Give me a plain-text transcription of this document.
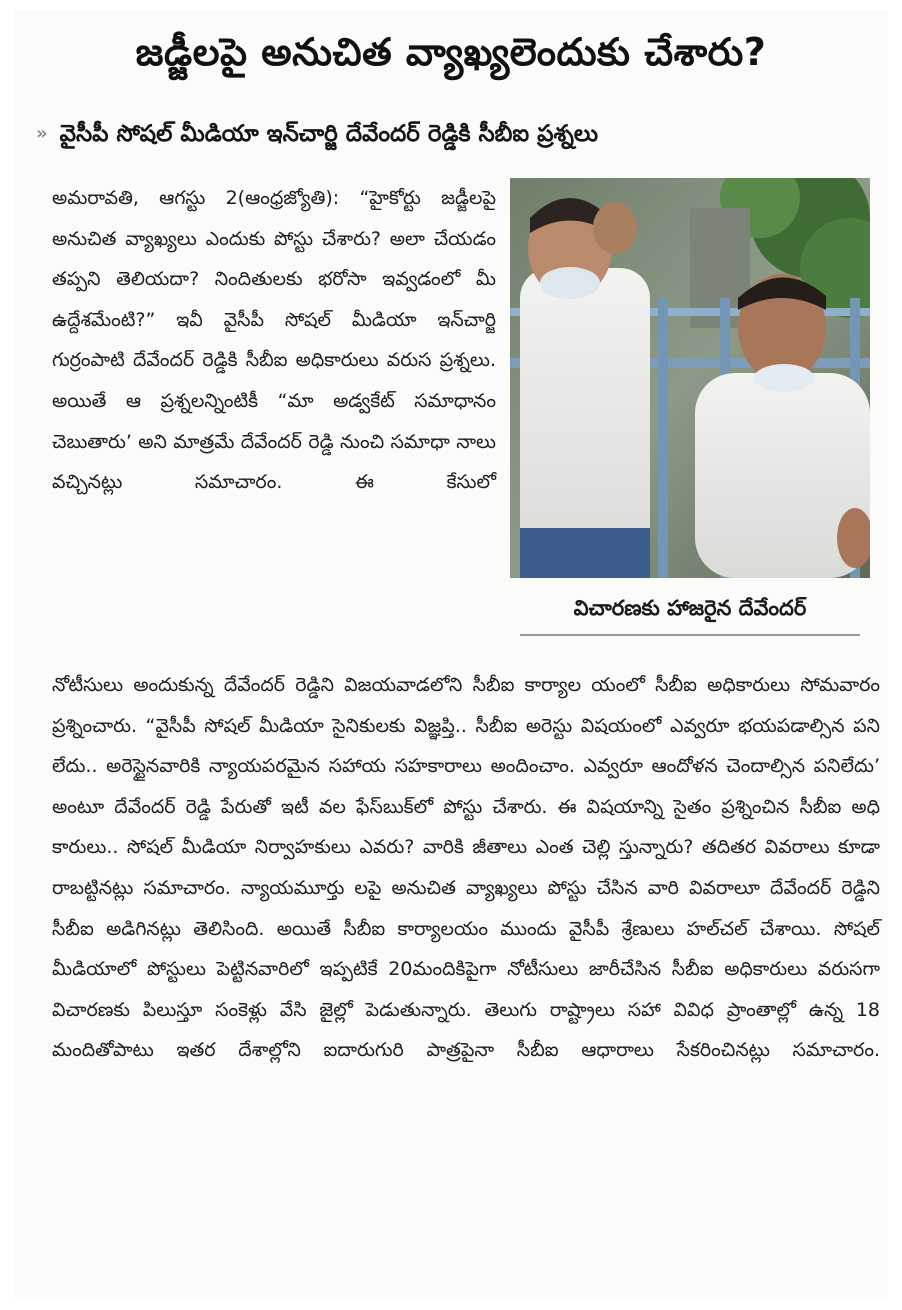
జడ్జీలపై అనుచిత వ్యాఖ్యలెందుకు చేశారు?
» వైసీపీ సోషల్ మీడియా ఇన్‌చార్జి దేవేందర్ రెడ్డికి సీబీఐ ప్రశ్నలు
అమరావతి, ఆగస్టు 2(ఆంధ్రజ్యోతి): “హైకోర్టు జడ్జీలపై అనుచిత వ్యాఖ్యలు ఎందుకు పోస్టు చేశారు? అలా చేయడం తప్పని తెలియదా? నిందితులకు భరోసా ఇవ్వడంలో మీ ఉద్దేశమేంటి?” ఇవీ వైసీపీ సోషల్ మీడియా ఇన్‌చార్జి గుర్రంపాటి దేవేందర్ రెడ్డికి సీబీఐ అధికారులు వరుస ప్రశ్నలు. అయితే ఆ ప్రశ్నలన్నింటికీ “మా అడ్వకేట్ సమాధానం చెబుతారు’ అని మాత్రమే దేవేందర్ రెడ్డి నుంచి సమాధా నాలు వచ్చినట్లు సమాచారం. ఈ కేసులో
విచారణకు హాజరైన దేవేందర్
నోటీసులు అందుకున్న దేవేందర్ రెడ్డిని విజయవాడలోని సీబీఐ కార్యాల యంలో సీబీఐ అధికారులు సోమవారం ప్రశ్నించారు. “వైసీపీ సోషల్ మీడియా సైనికులకు విజ్ఞప్తి.. సీబీఐ అరెస్టు విషయంలో ఎవ్వరూ భయపడాల్సిన పని లేదు.. అరెస్టైనవారికి న్యాయపరమైన సహాయ సహకారాలు అందించాం. ఎవ్వరూ ఆందోళన చెందాల్సిన పనిలేదు’ అంటూ దేవేందర్ రెడ్డి పేరుతో ఇటీ వల ఫేస్‌బుక్‌లో పోస్టు చేశారు. ఈ విషయాన్ని సైతం ప్రశ్నించిన సీబీఐ అధి కారులు.. సోషల్ మీడియా నిర్వాహకులు ఎవరు? వారికి జీతాలు ఎంత చెల్లి స్తున్నారు? తదితర వివరాలు కూడా రాబట్టినట్లు సమాచారం. న్యాయమూర్తు లపై అనుచిత వ్యాఖ్యలు పోస్టు చేసిన వారి వివరాలూ దేవేందర్ రెడ్డిని సీబీఐ అడిగినట్లు తెలిసింది. అయితే సీబీఐ కార్యాలయం ముందు వైసీపీ శ్రేణులు హల్‌చల్ చేశాయి. సోషల్ మీడియాలో పోస్టులు పెట్టినవారిలో ఇప్పటికే 20మందికిపైగా నోటీసులు జారీచేసిన సీబీఐ అధికారులు వరుసగా విచారణకు పిలుస్తూ సంకెళ్లు వేసి జైల్లో పెడుతున్నారు. తెలుగు రాష్ట్రాలు సహా వివిధ ప్రాంతాల్లో ఉన్న 18 మందితోపాటు ఇతర దేశాల్లోని ఐదారుగురి పాత్రపైనా సీబీఐ ఆధారాలు సేకరించినట్లు సమాచారం.
